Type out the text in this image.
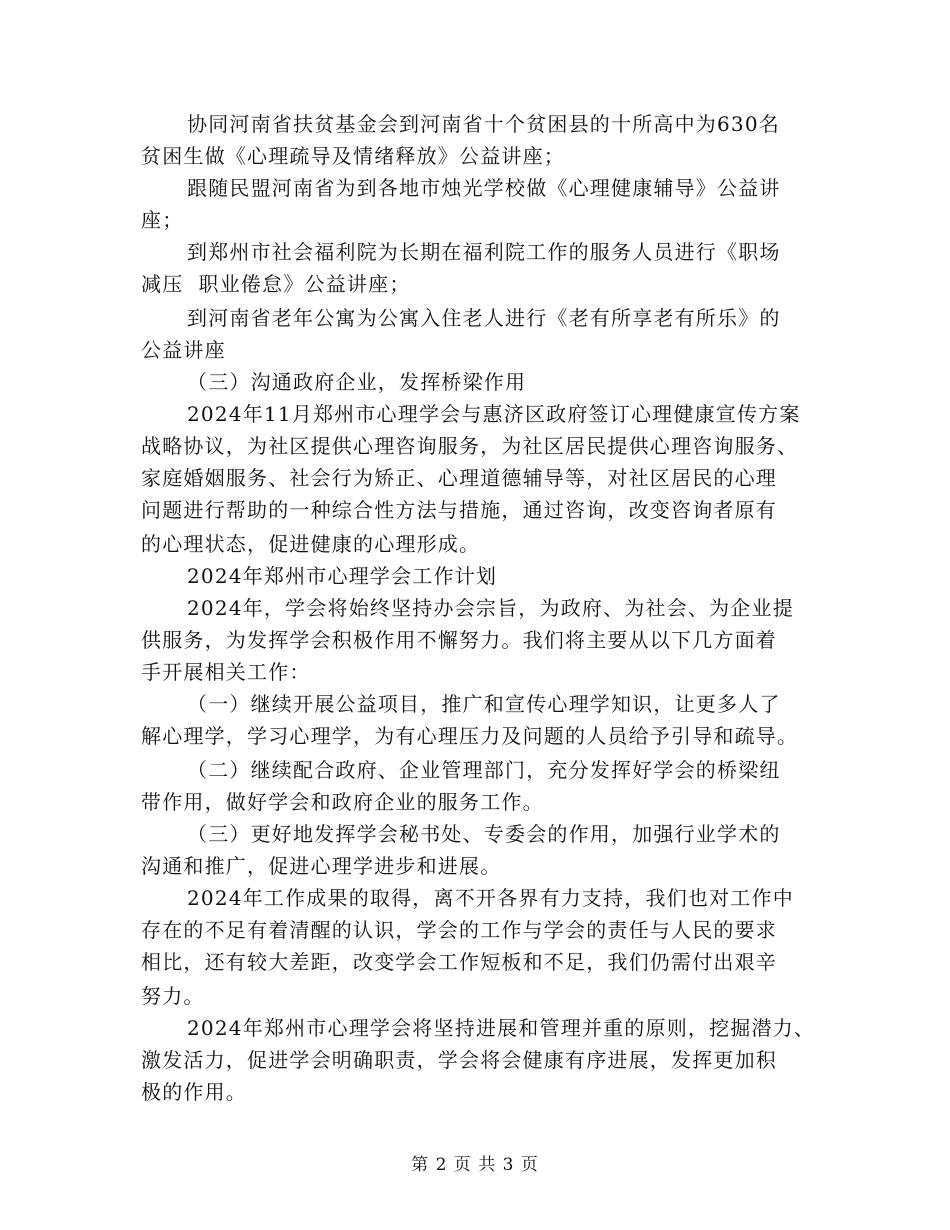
协同河南省扶贫基金会到河南省十个贫困县的十所高中为630名
贫困生做《心理疏导及情绪释放》公益讲座；
跟随民盟河南省为到各地市烛光学校做《心理健康辅导》公益讲
座；
到郑州市社会福利院为长期在福利院工作的服务人员进行《职场
减压  职业倦怠》公益讲座；
到河南省老年公寓为公寓入住老人进行《老有所享老有所乐》的
公益讲座
（三）沟通政府企业，发挥桥梁作用
2024年11月郑州市心理学会与惠济区政府签订心理健康宣传方案
战略协议，为社区提供心理咨询服务，为社区居民提供心理咨询服务、
家庭婚姻服务、社会行为矫正、心理道德辅导等，对社区居民的心理
问题进行帮助的一种综合性方法与措施，通过咨询，改变咨询者原有
的心理状态，促进健康的心理形成。
2024年郑州市心理学会工作计划
2024年，学会将始终坚持办会宗旨，为政府、为社会、为企业提
供服务，为发挥学会积极作用不懈努力。我们将主要从以下几方面着
手开展相关工作：
（一）继续开展公益项目，推广和宣传心理学知识，让更多人了
解心理学，学习心理学，为有心理压力及问题的人员给予引导和疏导。
（二）继续配合政府、企业管理部门，充分发挥好学会的桥梁纽
带作用，做好学会和政府企业的服务工作。
（三）更好地发挥学会秘书处、专委会的作用，加强行业学术的
沟通和推广，促进心理学进步和进展。
2024年工作成果的取得，离不开各界有力支持，我们也对工作中
存在的不足有着清醒的认识，学会的工作与学会的责任与人民的要求
相比，还有较大差距，改变学会工作短板和不足，我们仍需付出艰辛
努力。
2024年郑州市心理学会将坚持进展和管理并重的原则，挖掘潜力、
激发活力，促进学会明确职责，学会将会健康有序进展，发挥更加积
极的作用。
第 2 页 共 3 页
